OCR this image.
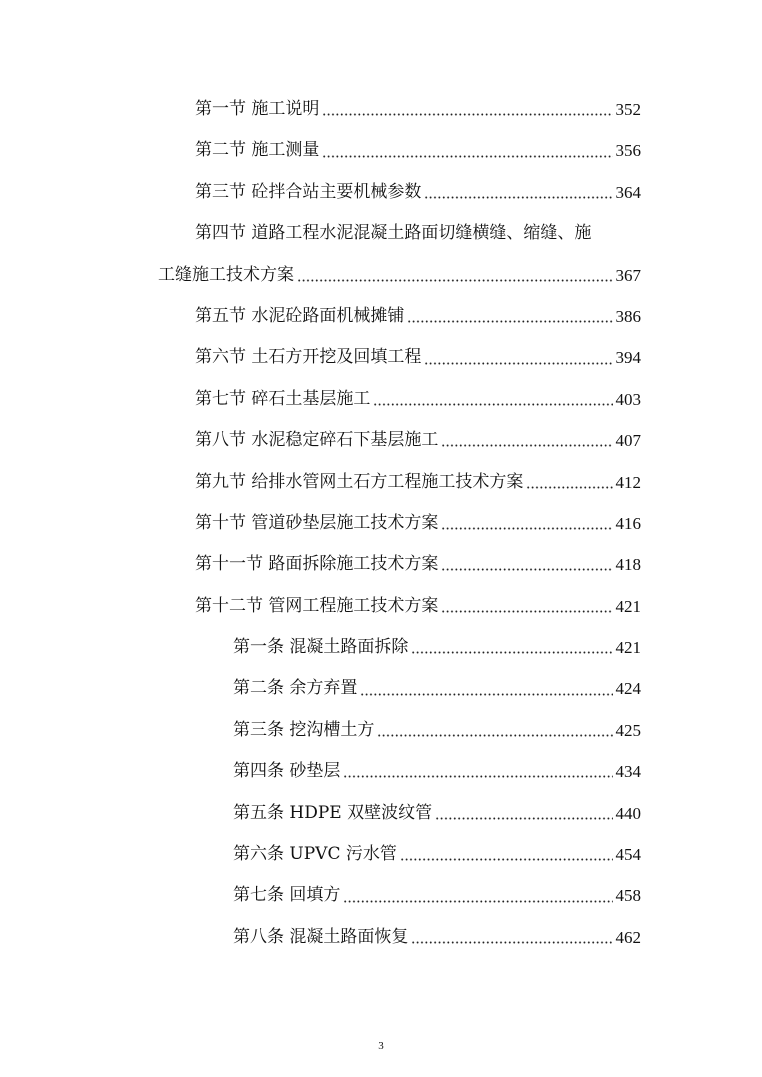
第一节 施工说明	352
第二节 施工测量	356
第三节 砼拌合站主要机械参数	364
第四节 道路工程水泥混凝土路面切缝横缝、缩缝、施
工缝施工技术方案	367
第五节 水泥砼路面机械摊铺	386
第六节 土石方开挖及回填工程	394
第七节 碎石土基层施工	403
第八节 水泥稳定碎石下基层施工	407
第九节 给排水管网土石方工程施工技术方案	412
第十节 管道砂垫层施工技术方案	416
第十一节 路面拆除施工技术方案	418
第十二节 管网工程施工技术方案	421
第一条 混凝土路面拆除	421
第二条 余方弃置	424
第三条 挖沟槽土方	425
第四条 砂垫层	434
第五条 HDPE 双壁波纹管	440
第六条 UPVC 污水管	454
第七条 回填方	458
第八条 混凝土路面恢复	462
3
